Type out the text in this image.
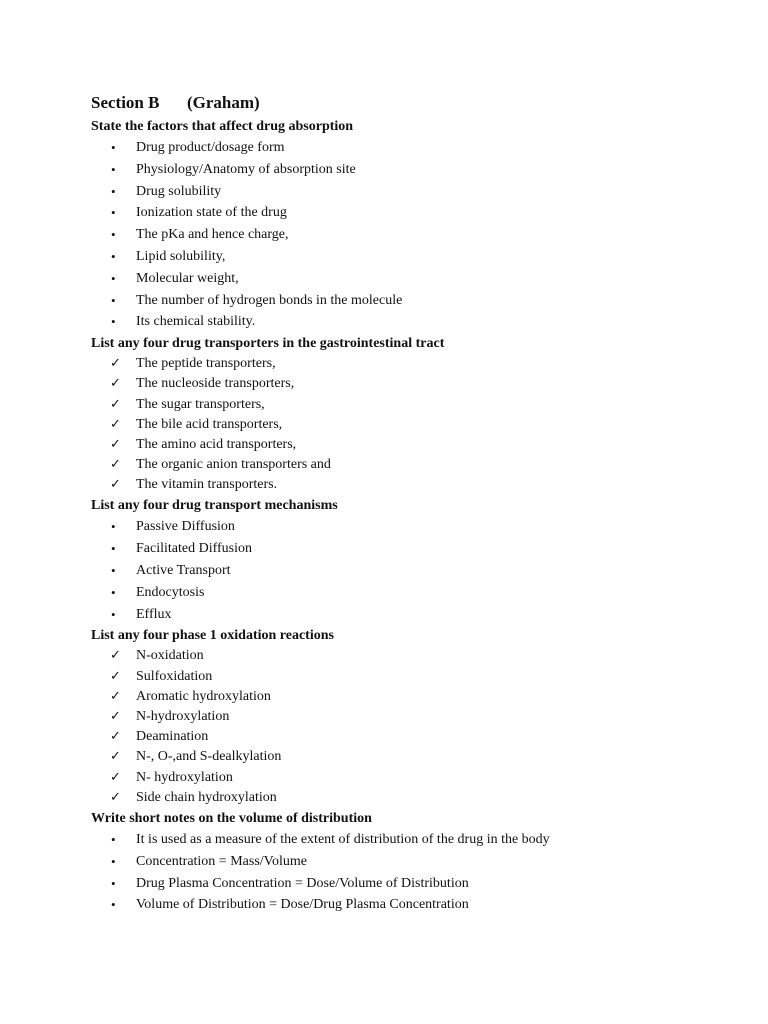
Section B (Graham)

State the factors that affect drug absorption

• Drug product/dosage form
• Physiology/Anatomy of absorption site
• Drug solubility
• Ionization state of the drug
• The pKa and hence charge,
• Lipid solubility,
• Molecular weight,
• The number of hydrogen bonds in the molecule
• Its chemical stability.

List any four drug transporters in the gastrointestinal tract

✓ The peptide transporters,
✓ The nucleoside transporters,
✓ The sugar transporters,
✓ The bile acid transporters,
✓ The amino acid transporters,
✓ The organic anion transporters and
✓ The vitamin transporters.

List any four drug transport mechanisms

• Passive Diffusion
• Facilitated Diffusion
• Active Transport
• Endocytosis
• Efflux

List any four phase 1 oxidation reactions

✓ N-oxidation
✓ Sulfoxidation
✓ Aromatic hydroxylation
✓ N-hydroxylation
✓ Deamination
✓ N-, O-,and S-dealkylation
✓ N- hydroxylation
✓ Side chain hydroxylation

Write short notes on the volume of distribution

• It is used as a measure of the extent of distribution of the drug in the body
• Concentration = Mass/Volume
• Drug Plasma Concentration = Dose/Volume of Distribution
• Volume of Distribution = Dose/Drug Plasma Concentration
